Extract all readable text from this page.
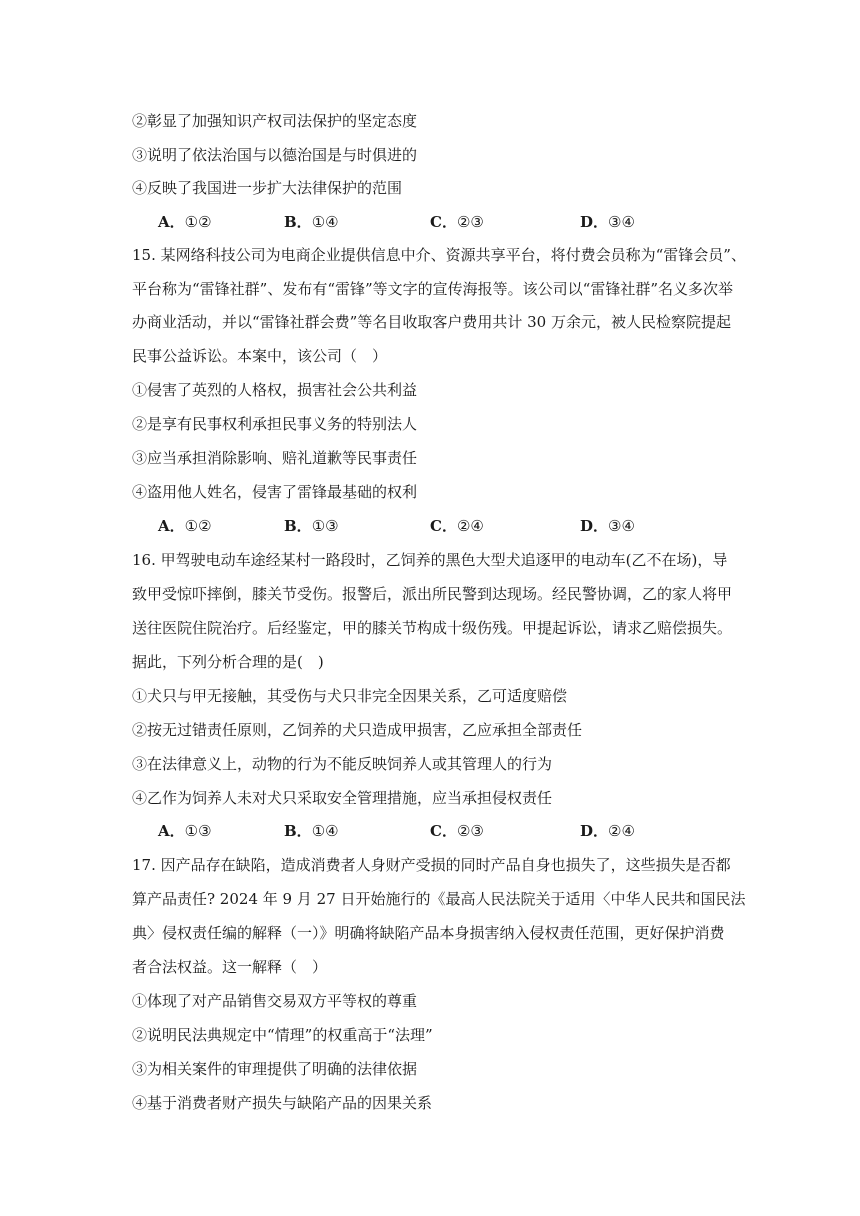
②彰显了加强知识产权司法保护的坚定态度
③说明了依法治国与以德治国是与时俱进的
④反映了我国进一步扩大法律保护的范围
A．①②	B．①④	C．②③	D．③④
15. 某网络科技公司为电商企业提供信息中介、资源共享平台，将付费会员称为“雷锋会员”、
平台称为“雷锋社群”、发布有“雷锋”等文字的宣传海报等。该公司以“雷锋社群”名义多次举
办商业活动，并以“雷锋社群会费”等名目收取客户费用共计 30 万余元，被人民检察院提起
民事公益诉讼。本案中，该公司（　）
①侵害了英烈的人格权，损害社会公共利益
②是享有民事权利承担民事义务的特别法人
③应当承担消除影响、赔礼道歉等民事责任
④盗用他人姓名，侵害了雷锋最基础的权利
A．①②	B．①③	C．②④	D．③④
16. 甲驾驶电动车途经某村一路段时，乙饲养的黑色大型犬追逐甲的电动车(乙不在场)，导
致甲受惊吓摔倒，膝关节受伤。报警后，派出所民警到达现场。经民警协调，乙的家人将甲
送往医院住院治疗。后经鉴定，甲的膝关节构成十级伤残。甲提起诉讼，请求乙赔偿损失。
据此，下列分析合理的是(　)
①犬只与甲无接触，其受伤与犬只非完全因果关系，乙可适度赔偿
②按无过错责任原则，乙饲养的犬只造成甲损害，乙应承担全部责任
③在法律意义上，动物的行为不能反映饲养人或其管理人的行为
④乙作为饲养人未对犬只采取安全管理措施，应当承担侵权责任
A．①③	B．①④	C．②③	D．②④
17. 因产品存在缺陷，造成消费者人身财产受损的同时产品自身也损失了，这些损失是否都
算产品责任? 2024 年 9 月 27 日开始施行的《最高人民法院关于适用〈中华人民共和国民法
典〉侵权责任编的解释（一）》明确将缺陷产品本身损害纳入侵权责任范围，更好保护消费
者合法权益。这一解释（　）
①体现了对产品销售交易双方平等权的尊重
②说明民法典规定中“情理”的权重高于“法理”
③为相关案件的审理提供了明确的法律依据
④基于消费者财产损失与缺陷产品的因果关系
